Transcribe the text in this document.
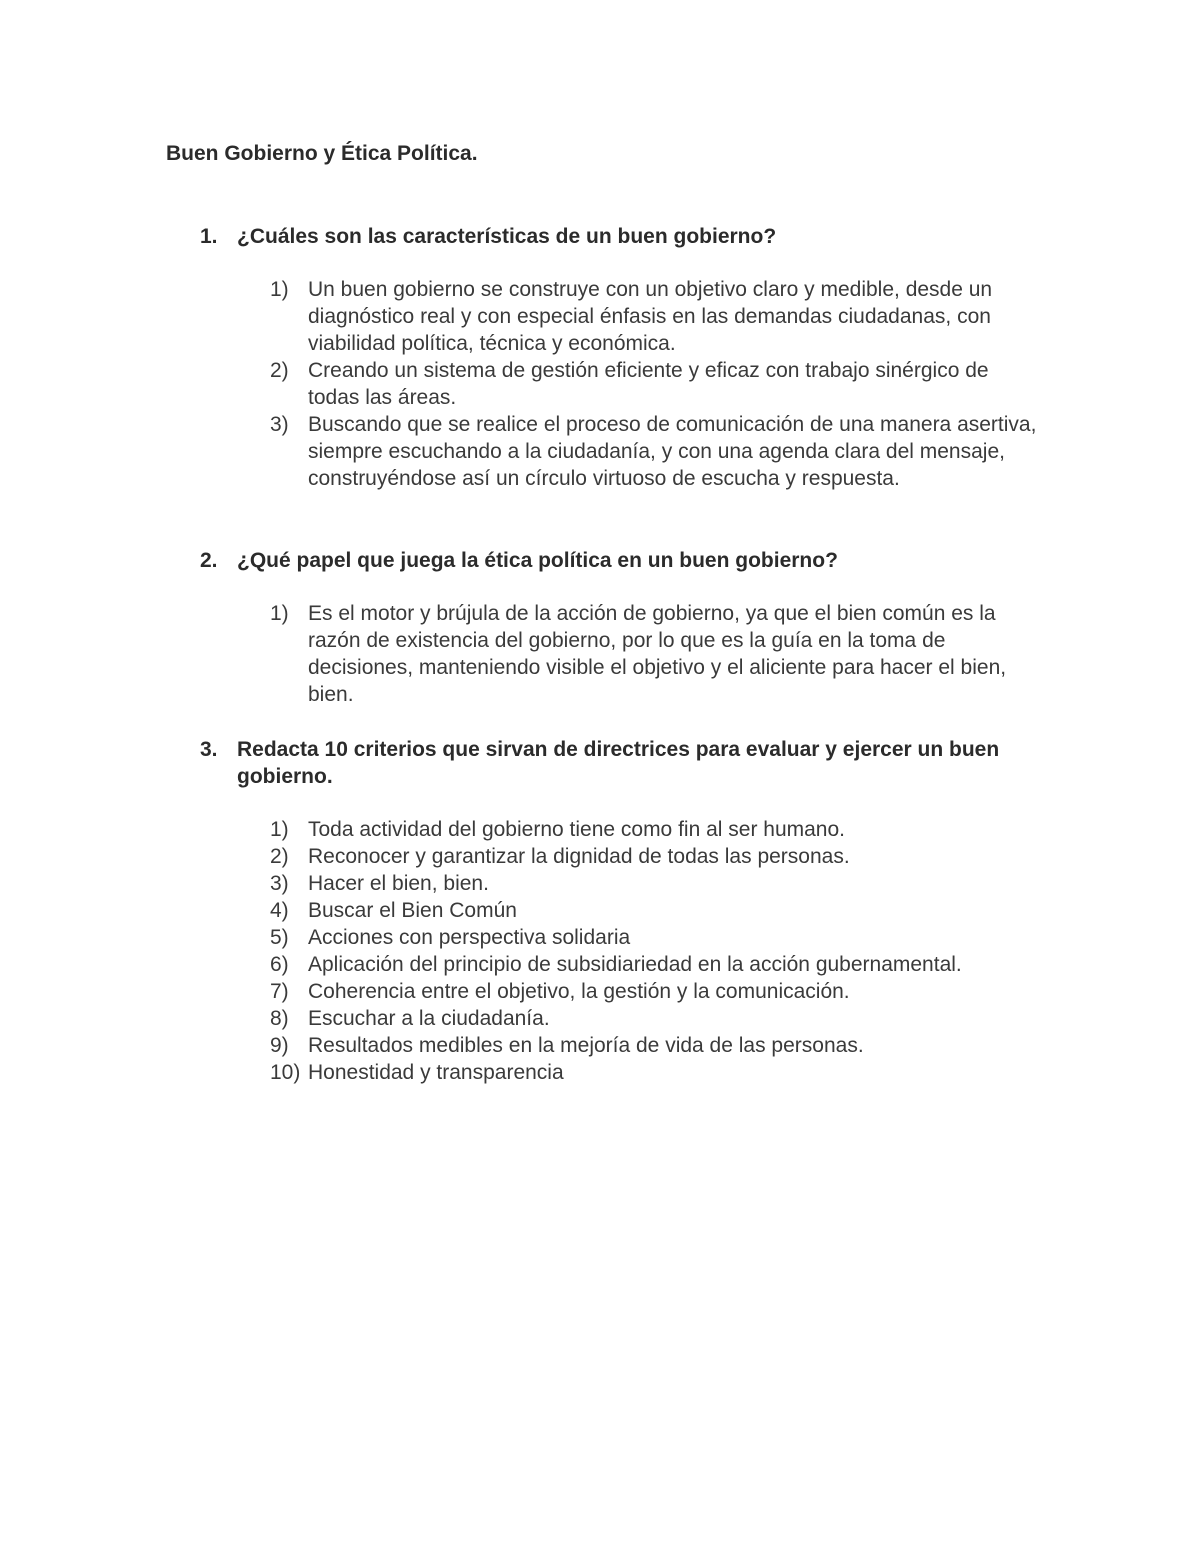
Buen Gobierno y Ética Política.
1. ¿Cuáles son las características de un buen gobierno?
1) Un buen gobierno se construye con un objetivo claro y medible, desde un diagnóstico real y con especial énfasis en las demandas ciudadanas, con viabilidad política, técnica y económica.
2) Creando un sistema de gestión eficiente y eficaz con trabajo sinérgico de todas las áreas.
3) Buscando que se realice el proceso de comunicación de una manera asertiva, siempre escuchando a la ciudadanía, y con una agenda clara del mensaje, construyéndose así un círculo virtuoso de escucha y respuesta.
2. ¿Qué papel que juega la ética política en un buen gobierno?
1) Es el motor y brújula de la acción de gobierno, ya que el bien común es la razón de existencia del gobierno, por lo que es la guía en la toma de decisiones, manteniendo visible el objetivo y el aliciente para hacer el bien, bien.
3. Redacta 10 criterios que sirvan de directrices para evaluar y ejercer un buen gobierno.
1) Toda actividad del gobierno tiene como fin al ser humano.
2) Reconocer y garantizar la dignidad de todas las personas.
3) Hacer el bien, bien.
4) Buscar el Bien Común
5) Acciones con perspectiva solidaria
6) Aplicación del principio de subsidiariedad en la acción gubernamental.
7) Coherencia entre el objetivo, la gestión y la comunicación.
8) Escuchar a la ciudadanía.
9) Resultados medibles en la mejoría de vida de las personas.
10) Honestidad y transparencia
